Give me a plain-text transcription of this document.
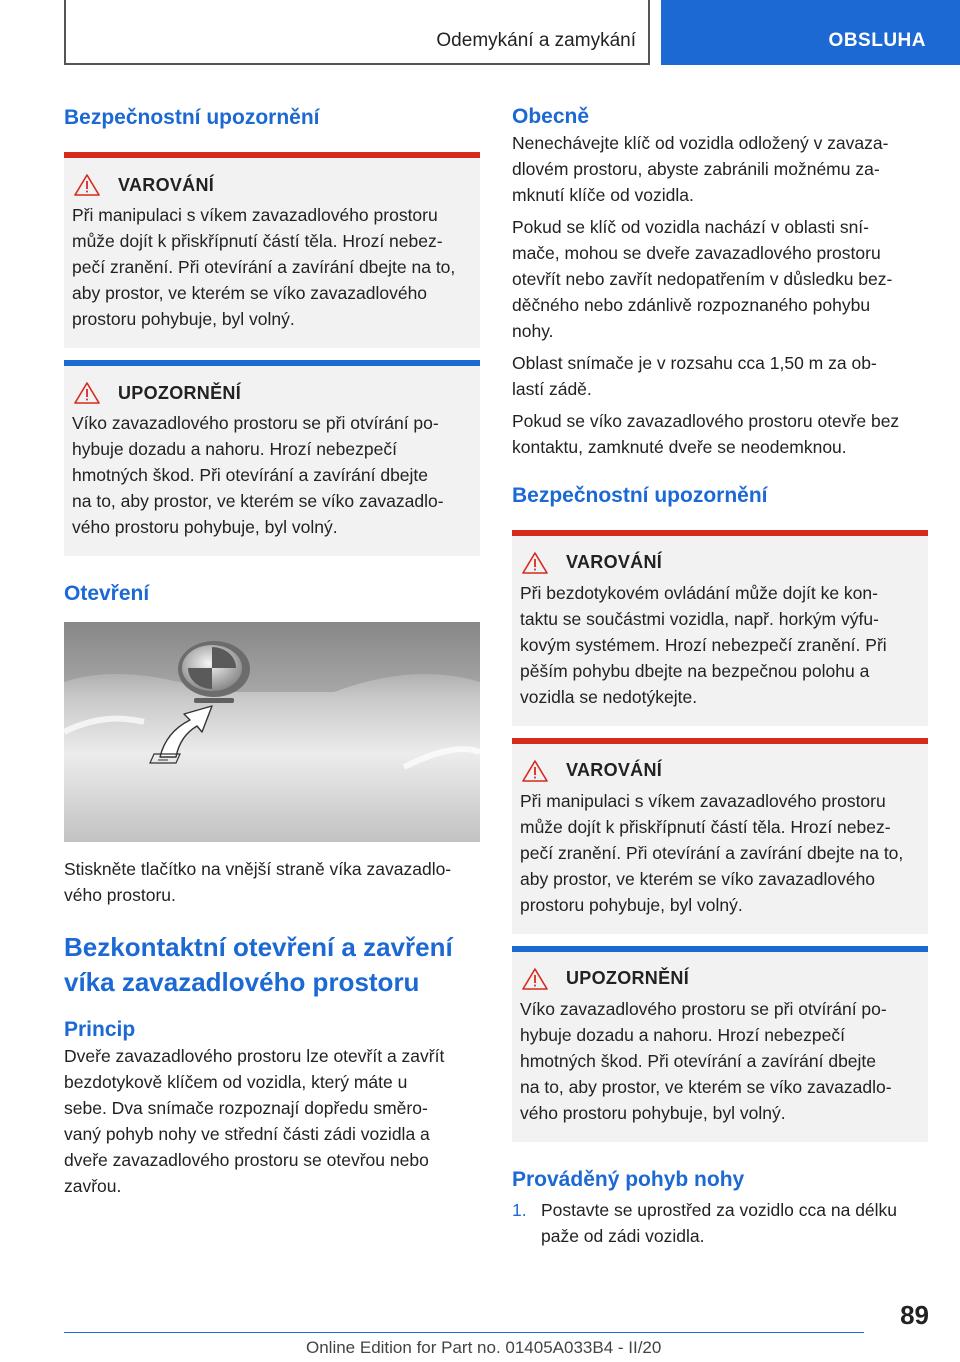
Odemykání a zamykání	OBSLUHA
Bezpečnostní upozornění
VAROVÁNÍ
Při manipulaci s víkem zavazadlového prostoru
může dojít k přiskřípnutí částí těla. Hrozí nebez-
pečí zranění. Při otevírání a zavírání dbejte na to,
aby prostor, ve kterém se víko zavazadlového
prostoru pohybuje, byl volný.
UPOZORNĚNÍ
Víko zavazadlového prostoru se při otvírání po-
hybuje dozadu a nahoru. Hrozí nebezpečí
hmotných škod. Při otevírání a zavírání dbejte
na to, aby prostor, ve kterém se víko zavazadlo-
vého prostoru pohybuje, byl volný.
Otevření
Stiskněte tlačítko na vnější straně víka zavazadlo-
vého prostoru.
Bezkontaktní otevření a zavření
víka zavazadlového prostoru
Princip
Dveře zavazadlového prostoru lze otevřít a zavřít
bezdotykově klíčem od vozidla, který máte u
sebe. Dva snímače rozpoznají dopředu směro-
vaný pohyb nohy ve střední části zádi vozidla a
dveře zavazadlového prostoru se otevřou nebo
zavřou.
Obecně
Nenechávejte klíč od vozidla odložený v zavaza-
dlovém prostoru, abyste zabránili možnému za-
mknutí klíče od vozidla.
Pokud se klíč od vozidla nachází v oblasti sní-
mače, mohou se dveře zavazadlového prostoru
otevřít nebo zavřít nedopatřením v důsledku bez-
děčného nebo zdánlivě rozpoznaného pohybu
nohy.
Oblast snímače je v rozsahu cca 1,50 m za ob-
lastí zádě.
Pokud se víko zavazadlového prostoru otevře bez
kontaktu, zamknuté dveře se neodemknou.
Bezpečnostní upozornění
VAROVÁNÍ
Při bezdotykovém ovládání může dojít ke kon-
taktu se součástmi vozidla, např. horkým výfu-
kovým systémem. Hrozí nebezpečí zranění. Při
pěším pohybu dbejte na bezpečnou polohu a
vozidla se nedotýkejte.
VAROVÁNÍ
Při manipulaci s víkem zavazadlového prostoru
může dojít k přiskřípnutí částí těla. Hrozí nebez-
pečí zranění. Při otevírání a zavírání dbejte na to,
aby prostor, ve kterém se víko zavazadlového
prostoru pohybuje, byl volný.
UPOZORNĚNÍ
Víko zavazadlového prostoru se při otvírání po-
hybuje dozadu a nahoru. Hrozí nebezpečí
hmotných škod. Při otevírání a zavírání dbejte
na to, aby prostor, ve kterém se víko zavazadlo-
vého prostoru pohybuje, byl volný.
Prováděný pohyb nohy
1. Postavte se uprostřed za vozidlo cca na délku
paže od zádi vozidla.
89
Online Edition for Part no. 01405A033B4 - II/20
